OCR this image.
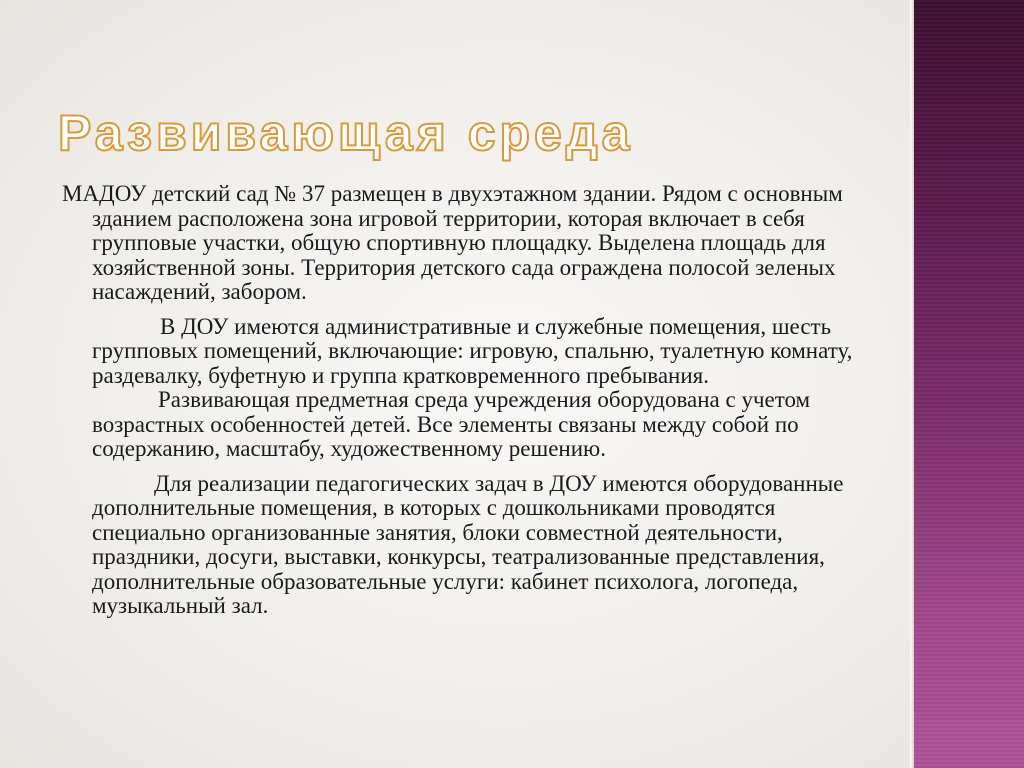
Развивающая среда

МАДОУ детский сад № 37 размещен в двухэтажном здании. Рядом с основным зданием расположена зона игровой территории, которая включает в себя групповые участки, общую спортивную площадку. Выделена площадь для хозяйственной зоны. Территория детского сада ограждена полосой зеленых насаждений, забором.

В ДОУ имеются административные и служебные помещения, шесть групповых помещений, включающие: игровую, спальню, туалетную комнату, раздевалку, буфетную и группа кратковременного пребывания.

Развивающая предметная среда учреждения оборудована с учетом возрастных особенностей детей. Все элементы связаны между собой по содержанию, масштабу, художественному решению.

Для реализации педагогических задач в ДОУ имеются оборудованные дополнительные помещения, в которых с дошкольниками проводятся специально организованные занятия, блоки совместной деятельности, праздники, досуги, выставки, конкурсы, театрализованные представления, дополнительные образовательные услуги: кабинет психолога, логопеда, музыкальный зал.
